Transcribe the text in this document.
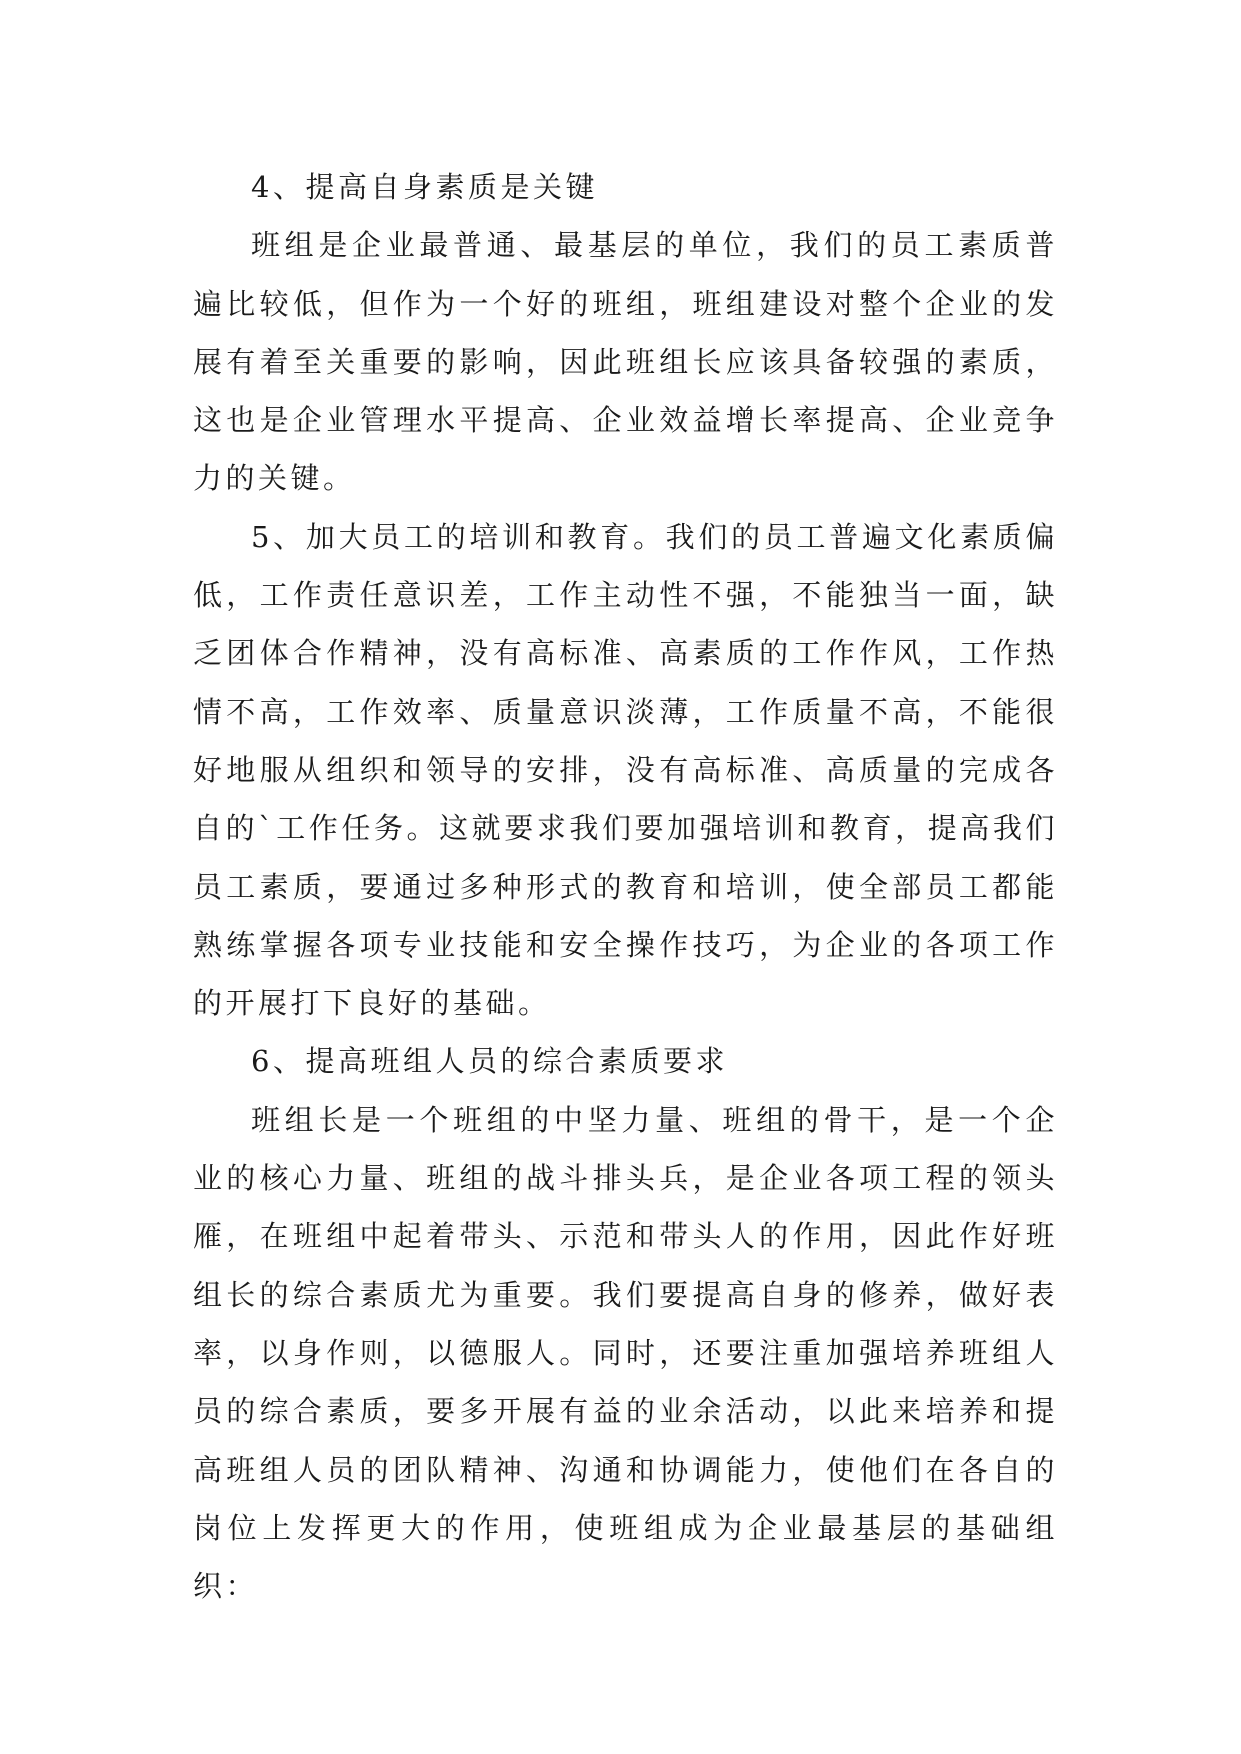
4、提高自身素质是关键

班组是企业最普通、最基层的单位，我们的员工素质普遍比较低，但作为一个好的班组，班组建设对整个企业的发展有着至关重要的影响，因此班组长应该具备较强的素质，这也是企业管理水平提高、企业效益增长率提高、企业竞争力的关键。

5、加大员工的培训和教育。我们的员工普遍文化素质偏低，工作责任意识差，工作主动性不强，不能独当一面，缺乏团体合作精神，没有高标准、高素质的工作作风，工作热情不高，工作效率、质量意识淡薄，工作质量不高，不能很好地服从组织和领导的安排，没有高标准、高质量的完成各自的`工作任务。这就要求我们要加强培训和教育，提高我们员工素质，要通过多种形式的教育和培训，使全部员工都能熟练掌握各项专业技能和安全操作技巧，为企业的各项工作的开展打下良好的基础。

6、提高班组人员的综合素质要求

班组长是一个班组的中坚力量、班组的骨干，是一个企业的核心力量、班组的战斗排头兵，是企业各项工程的领头雁，在班组中起着带头、示范和带头人的作用，因此作好班组长的综合素质尤为重要。我们要提高自身的修养，做好表率，以身作则，以德服人。同时，还要注重加强培养班组人员的综合素质，要多开展有益的业余活动，以此来培养和提高班组人员的团队精神、沟通和协调能力，使他们在各自的岗位上发挥更大的作用，使班组成为企业最基层的基础组织：
